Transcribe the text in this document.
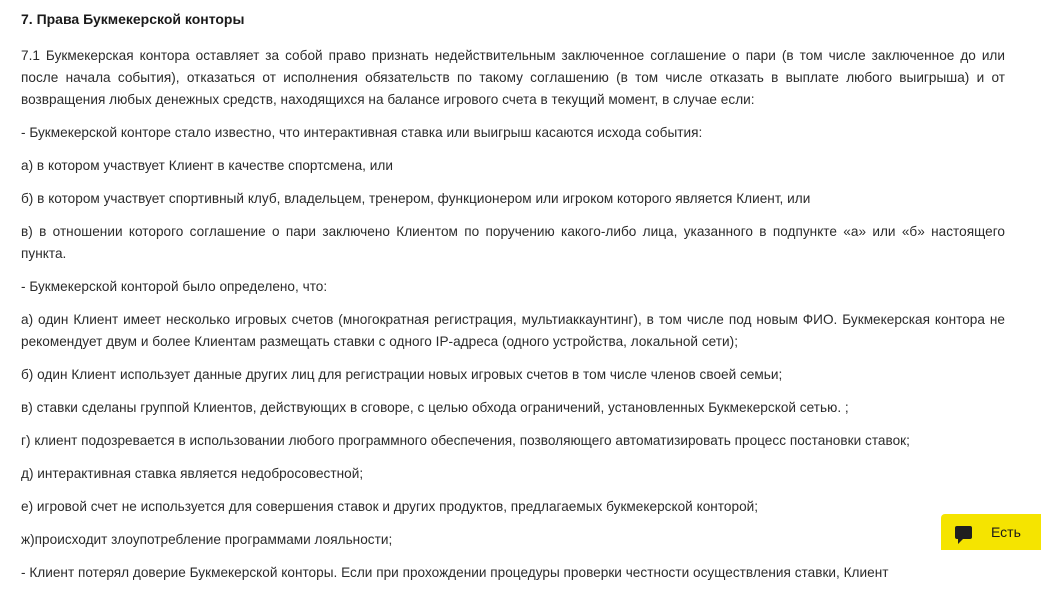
7. Права Букмекерской конторы

7.1 Букмекерская контора оставляет за собой право признать недействительным заключенное соглашение о пари (в том числе заключенное до или после начала события), отказаться от исполнения обязательств по такому соглашению (в том числе отказать в выплате любого выигрыша) и от возвращения любых денежных средств, находящихся на балансе игрового счета в текущий момент, в случае если:

- Букмекерской конторе стало известно, что интерактивная ставка или выигрыш касаются исхода события:

а) в котором участвует Клиент в качестве спортсмена, или

б) в котором участвует спортивный клуб, владельцем, тренером, функционером или игроком которого является Клиент, или

в) в отношении которого соглашение о пари заключено Клиентом по поручению какого-либо лица, указанного в подпункте «а» или «б» настоящего пункта.

- Букмекерской конторой было определено, что:

а) один Клиент имеет несколько игровых счетов (многократная регистрация, мультиаккаунтинг), в том числе под новым ФИО. Букмекерская контора не рекомендует двум и более Клиентам размещать ставки с одного IP-адреса (одного устройства, локальной сети);

б) один Клиент использует данные других лиц для регистрации новых игровых счетов в том числе членов своей семьи;

в) ставки сделаны группой Клиентов, действующих в сговоре, с целью обхода ограничений, установленных Букмекерской сетью. ;

г) клиент подозревается в использовании любого программного обеспечения, позволяющего автоматизировать процесс постановки ставок;

д) интерактивная ставка является недобросовестной;

е) игровой счет не используется для совершения ставок и других продуктов, предлагаемых букмекерской конторой;

ж)происходит злоупотребление программами лояльности;

- Клиент потерял доверие Букмекерской конторы. Если при прохождении процедуры проверки честности осуществления ставки, Клиент

Есть
